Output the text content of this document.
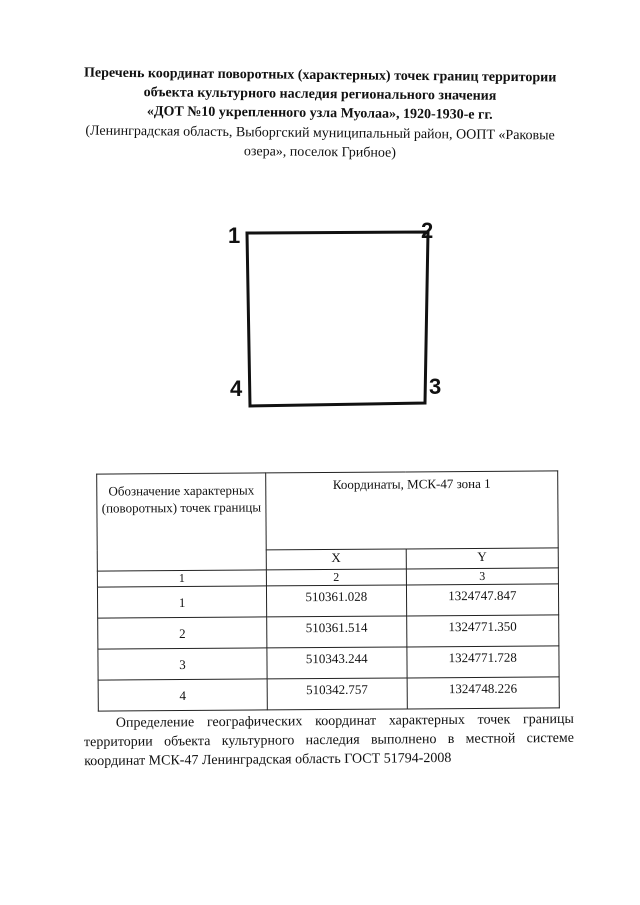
Перечень координат поворотных (характерных) точек границ территории
объекта культурного наследия регионального значения
«ДОТ №10 укрепленного узла Муолаа», 1920-1930-е гг.
(Ленинградская область, Выборгский муниципальный район, ООПТ «Раковые озера», поселок Грибное)
1	2
3
4
Обозначение характерных (поворотных) точек границы	Координаты, МСК-47 зона 1	
	X	Y
1	2	3
1	510361.028	1324747.847
2	510361.514	1324771.350
3	510343.244	1324771.728
4	510342.757	1324748.226
Определение географических координат характерных точек границы территории объекта культурного наследия выполнено в местной системе координат МСК-47 Ленинградская область ГОСТ 51794-2008
